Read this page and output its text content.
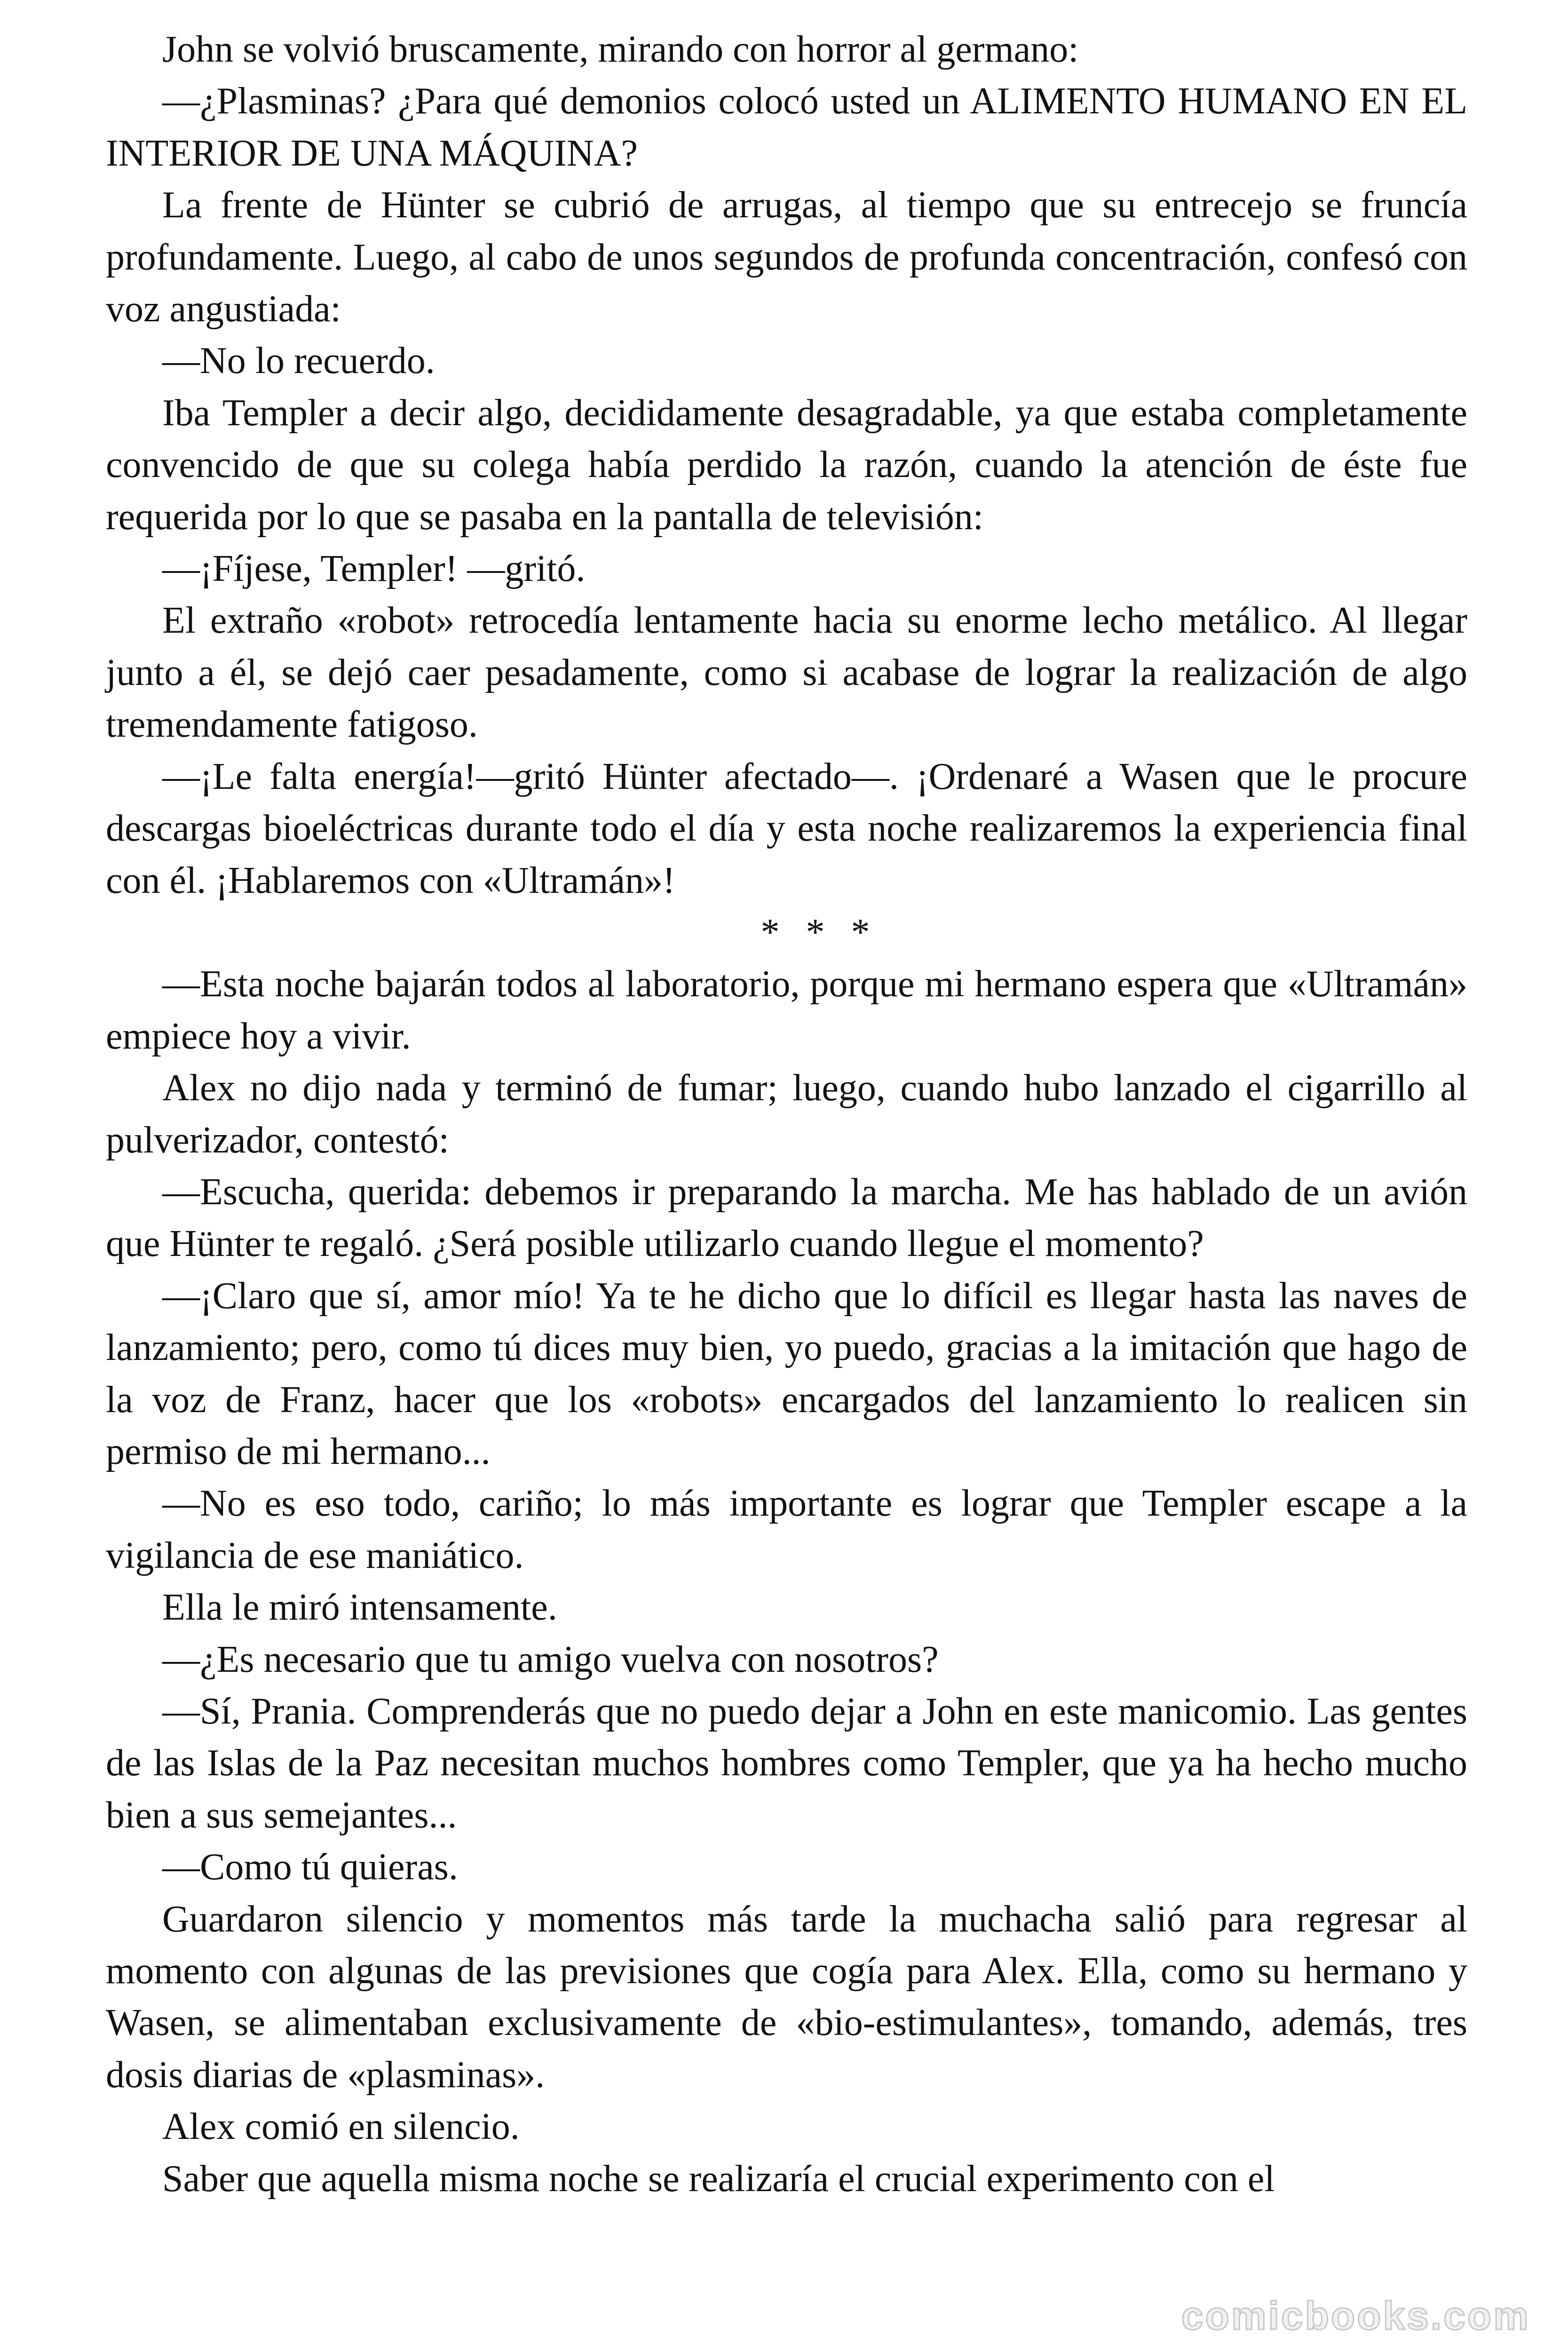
John se volvió bruscamente, mirando con horror al germano:

—¿Plasminas? ¿Para qué demonios colocó usted un ALIMENTO HUMANO EN EL INTERIOR DE UNA MÁQUINA?

La frente de Hünter se cubrió de arrugas, al tiempo que su entrecejo se fruncía profundamente. Luego, al cabo de unos segundos de profunda concentración, confesó con voz angustiada:

—No lo recuerdo.

Iba Templer a decir algo, decididamente desagradable, ya que estaba completamente convencido de que su colega había perdido la razón, cuando la atención de éste fue requerida por lo que se pasaba en la pantalla de televisión:

—¡Fíjese, Templer! —gritó.

El extraño «robot» retrocedía lentamente hacia su enorme lecho metálico. Al llegar junto a él, se dejó caer pesadamente, como si acabase de lograr la realización de algo tremendamente fatigoso.

—¡Le falta energía!—gritó Hünter afectado—. ¡Ordenaré a Wasen que le procure descargas bioeléctricas durante todo el día y esta noche realizaremos la experiencia final con él. ¡Hablaremos con «Ultramán»!

* * *

—Esta noche bajarán todos al laboratorio, porque mi hermano espera que «Ultramán» empiece hoy a vivir.

Alex no dijo nada y terminó de fumar; luego, cuando hubo lanzado el cigarrillo al pulverizador, contestó:

—Escucha, querida: debemos ir preparando la marcha. Me has hablado de un avión que Hünter te regaló. ¿Será posible utilizarlo cuando llegue el momento?

—¡Claro que sí, amor mío! Ya te he dicho que lo difícil es llegar hasta las naves de lanzamiento; pero, como tú dices muy bien, yo puedo, gracias a la imitación que hago de la voz de Franz, hacer que los «robots» encargados del lanzamiento lo realicen sin permiso de mi hermano...

—No es eso todo, cariño; lo más importante es lograr que Templer escape a la vigilancia de ese maniático.

Ella le miró intensamente.

—¿Es necesario que tu amigo vuelva con nosotros?

—Sí, Prania. Comprenderás que no puedo dejar a John en este manicomio. Las gentes de las Islas de la Paz necesitan muchos hombres como Templer, que ya ha hecho mucho bien a sus semejantes...

—Como tú quieras.

Guardaron silencio y momentos más tarde la muchacha salió para regresar al momento con algunas de las previsiones que cogía para Alex. Ella, como su hermano y Wasen, se alimentaban exclusivamente de «bio-estimulantes», tomando, además, tres dosis diarias de «plasminas».

Alex comió en silencio.

Saber que aquella misma noche se realizaría el crucial experimento con el

comicbooks.com
